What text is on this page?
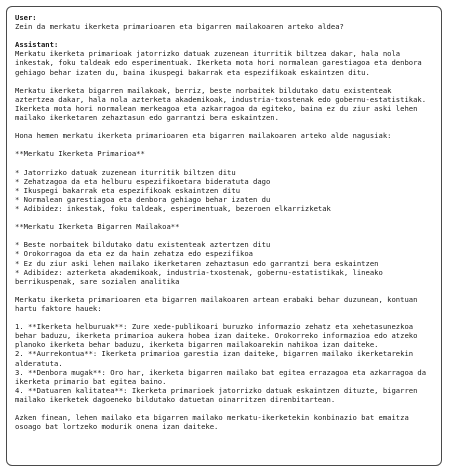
User:
Zein da merkatu ikerketa primarioaren eta bigarren mailakoaren arteko aldea?
Assistant:
Merkatu ikerketa primarioak jatorrizko datuak zuzenean iturritik biltzea dakar, hala nola inkestak, foku taldeak edo esperimentuak. Ikerketa mota hori normalean garestiagoa eta denbora gehiago behar izaten du, baina ikuspegi bakarrak eta espezifikoak eskaintzen ditu.
Merkatu ikerketa bigarren mailakoak, berriz, beste norbaitek bildutako datu existenteak aztertzea dakar, hala nola azterketa akademikoak, industria-txostenak edo gobernu-estatistikak. Ikerketa mota hori normalean merkeagoa eta azkarragoa da egiteko, baina ez du ziur aski lehen mailako ikerketaren zehaztasun edo garrantzi bera eskaintzen.
Hona hemen merkatu ikerketa primarioaren eta bigarren mailakoaren arteko alde nagusiak:
**Merkatu Ikerketa Primarioa**
* Jatorrizko datuak zuzenean iturritik biltzen ditu
* Zehatzagoa da eta helburu espezifikoetara bideratuta dago
* Ikuspegi bakarrak eta espezifikoak eskaintzen ditu
* Normalean garestiagoa eta denbora gehiago behar izaten du
* Adibidez: inkestak, foku taldeak, esperimentuak, bezeroen elkarrizketak
**Merkatu Ikerketa Bigarren Mailakoa**
* Beste norbaitek bildutako datu existenteak aztertzen ditu
* Orokorragoa da eta ez da hain zehatza edo espezifikoa
* Ez du ziur aski lehen mailako ikerketaren zehaztasun edo garrantzi bera eskaintzen
* Adibidez: azterketa akademikoak, industria-txostenak, gobernu-estatistikak, lineako berrikuspenak, sare sozialen analitika
Merkatu ikerketa primarioaren eta bigarren mailakoaren artean erabaki behar duzunean, kontuan hartu faktore hauek:
1. **Ikerketa helburuak**: Zure xede-publikoari buruzko informazio zehatz eta xehetasunezkoa behar baduzu, ikerketa primarioa aukera hobea izan daiteke. Orokorreko informazioa edo atzeko planoko ikerketa behar baduzu, ikerketa bigarren mailakoarekin nahikoa izan daiteke.
2. **Aurrekontua**: Ikerketa primarioa garestia izan daiteke, bigarren mailako ikerketarekin alderatuta.
3. **Denbora mugak**: Oro har, ikerketa bigarren mailako bat egitea errazagoa eta azkarragoa da ikerketa primario bat egitea baino.
4. **Datuaren kalitatea**: Ikerketa primarioek jatorrizko datuak eskaintzen dituzte, bigarren mailako ikerketek dagoeneko bildutako datuetan oinarritzen direnbitartean.
Azken finean, lehen mailako eta bigarren mailako merkatu-ikerketekin konbinazio bat emaitza osoago bat lortzeko modurik onena izan daiteke.
